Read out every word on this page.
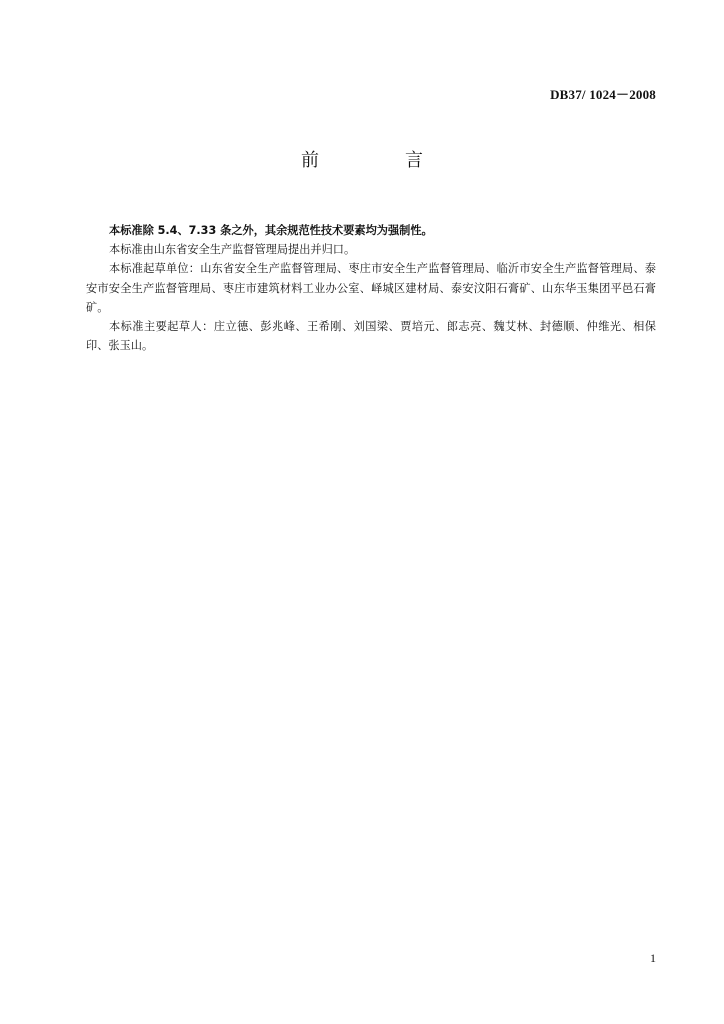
DB37/ 1024－2008
前　言

本标准除 5.4、7.33 条之外，其余规范性技术要素均为强制性。

本标准由山东省安全生产监督管理局提出并归口。

本标准起草单位：山东省安全生产监督管理局、枣庄市安全生产监督管理局、临沂市安全生产监督管理局、泰安市安全生产监督管理局、枣庄市建筑材料工业办公室、峄城区建材局、泰安汶阳石膏矿、山东华玉集团平邑石膏矿。

本标准主要起草人：庄立德、彭兆峰、王希刚、刘国梁、贾培元、郎志亮、魏艾林、封德顺、仲维光、相保印、张玉山。

1
